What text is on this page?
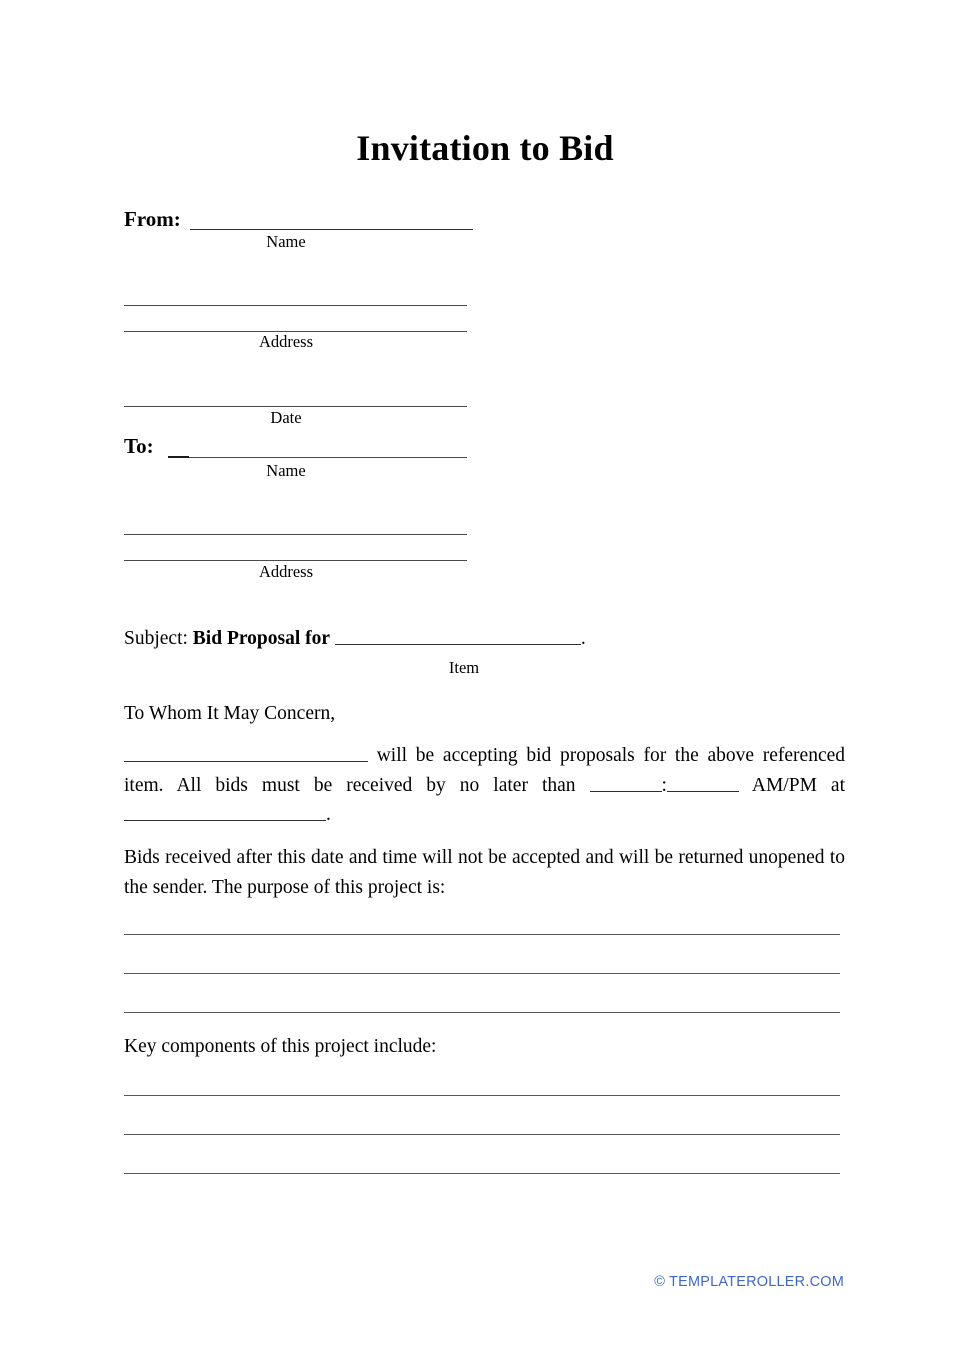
Invitation to Bid
From:
Name
Address
Date
To:
Name
Address
Subject: Bid Proposal for	.
Item
To Whom It May Concern,
will be accepting bid proposals for the above referenced item. All bids must be received by no later than	:	AM/PM at .
Bids received after this date and time will not be accepted and will be returned unopened to the sender. The purpose of this project is:
Key components of this project include:
© TEMPLATEROLLER.COM
